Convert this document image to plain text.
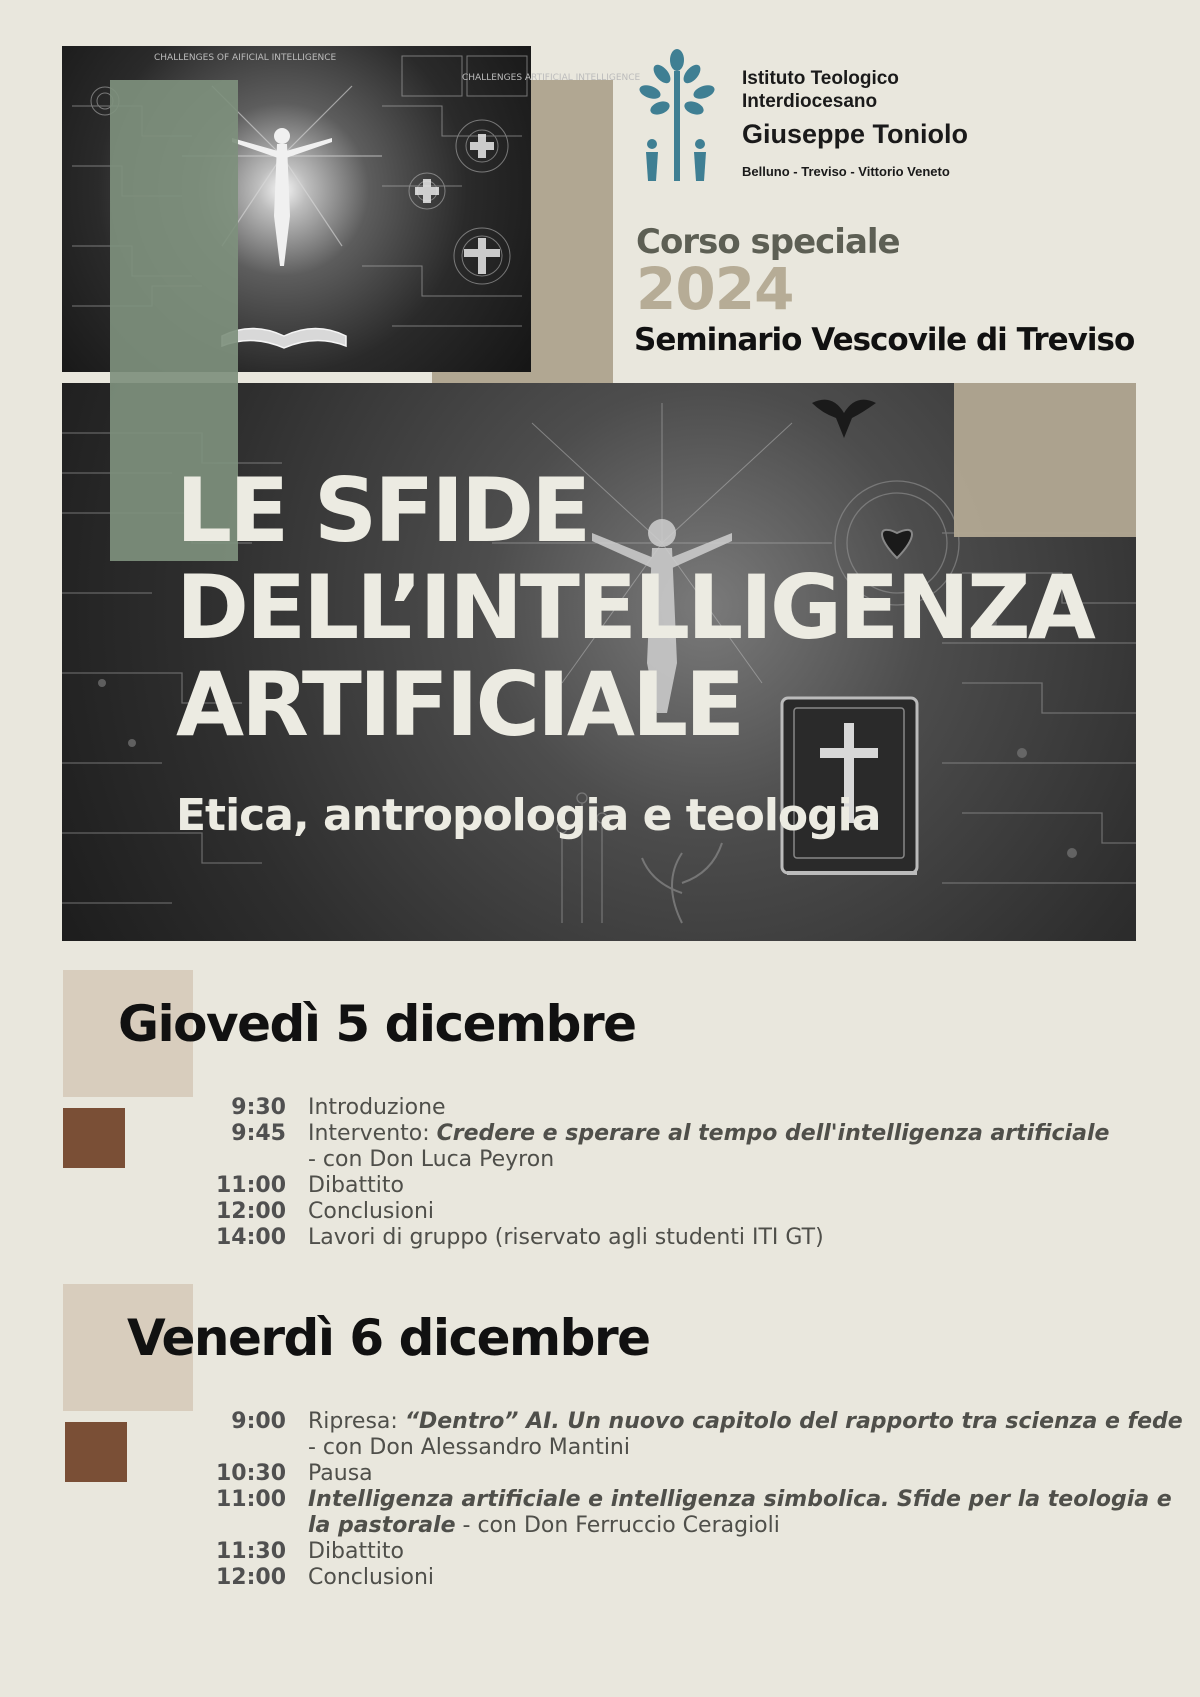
CHALLENGES OF AIFICIAL INTELLIGENCE
CHALLENGES ARTIFICIAL INTELLIGENCE
LE SFIDE
DELL’INTELLIGENZA
ARTIFICIALE
Etica, antropologia e teologia
Istituto Teologico
Interdiocesano
Giuseppe Toniolo
Belluno - Treviso - Vittorio Veneto
Corso speciale
2024
Seminario Vescovile di Treviso
Giovedì 5 dicembre
9:30 Introduzione
9:45 Intervento: Credere e sperare al tempo dell'intelligenza artificiale
- con Don Luca Peyron
11:00 Dibattito
12:00 Conclusioni
14:00 Lavori di gruppo (riservato agli studenti ITI GT)
Venerdì 6 dicembre
9:00 Ripresa: “Dentro” AI. Un nuovo capitolo del rapporto tra scienza e fede
- con Don Alessandro Mantini
10:30 Pausa
11:00 Intelligenza artificiale e intelligenza simbolica. Sfide per la teologia e
la pastorale - con Don Ferruccio Ceragioli
11:30 Dibattito
12:00 Conclusioni
